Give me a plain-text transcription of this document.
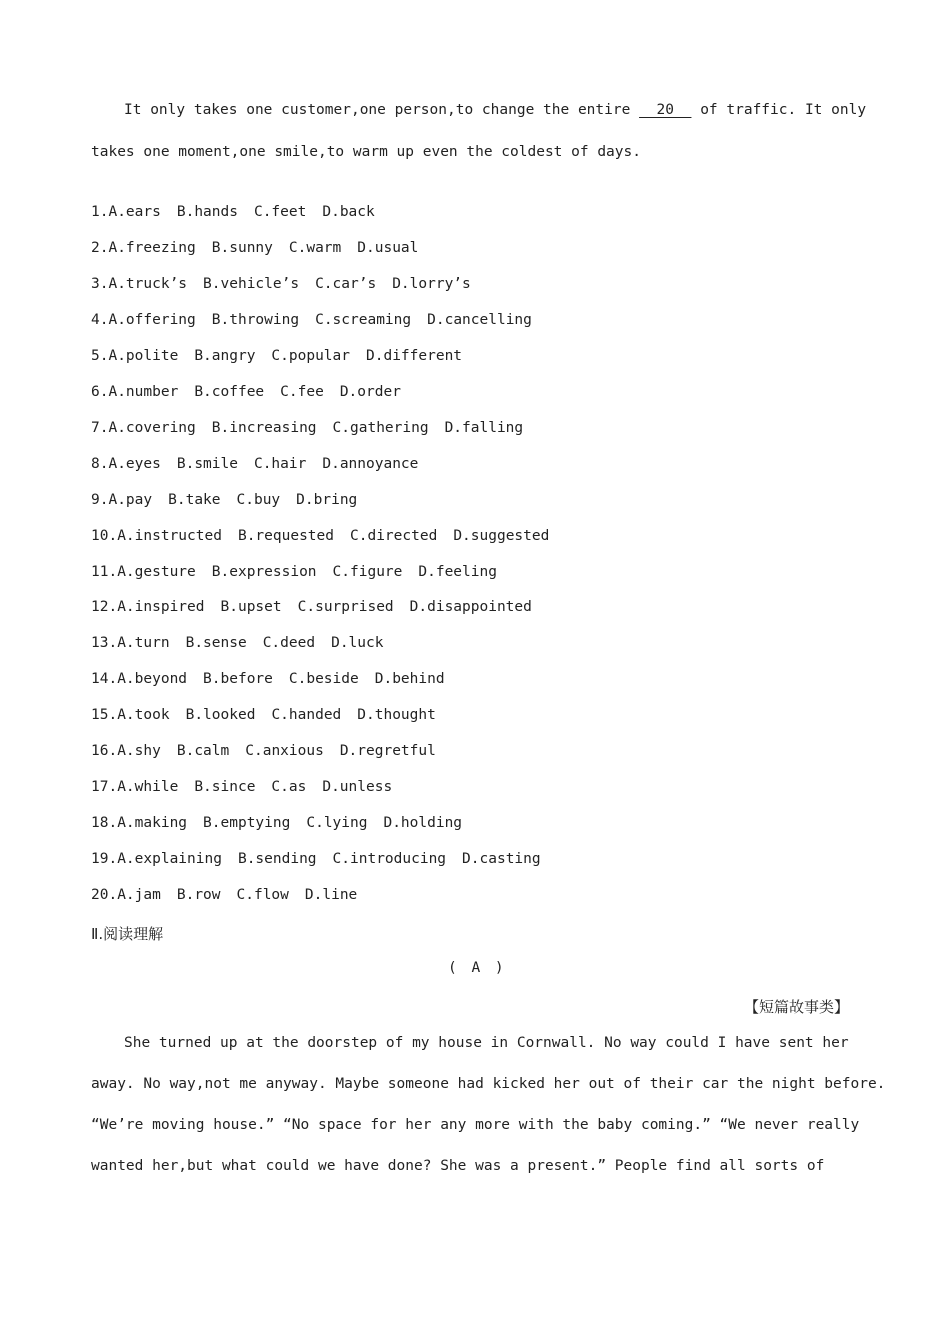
It only takes one customer,one person,to change the entire   20   of traffic. It only
takes one moment,one smile,to warm up even the coldest of days.
1.A.ears B.hands C.feet D.back
2.A.freezing B.sunny C.warm D.usual
3.A.truck’s B.vehicle’s C.car’s D.lorry’s
4.A.offering B.throwing C.screaming D.cancelling
5.A.polite B.angry C.popular D.different
6.A.number B.coffee C.fee D.order
7.A.covering B.increasing C.gathering D.falling
8.A.eyes B.smile C.hair D.annoyance
9.A.pay B.take C.buy D.bring
10.A.instructed B.requested C.directed D.suggested
11.A.gesture B.expression C.figure D.feeling
12.A.inspired B.upset C.surprised D.disappointed
13.A.turn B.sense C.deed D.luck
14.A.beyond B.before C.beside D.behind
15.A.took B.looked C.handed D.thought
16.A.shy B.calm C.anxious D.regretful
17.A.while B.since C.as D.unless
18.A.making B.emptying C.lying D.holding
19.A.explaining B.sending C.introducing D.casting
20.A.jam B.row C.flow D.line
Ⅱ.阅读理解
( A )
【短篇故事类】
She turned up at the doorstep of my house in Cornwall. No way could I have sent her
away. No way,not me anyway. Maybe someone had kicked her out of their car the night before.
“We’re moving house.” “No space for her any more with the baby coming.” “We never really
wanted her,but what could we have done? She was a present.” People find all sorts of
